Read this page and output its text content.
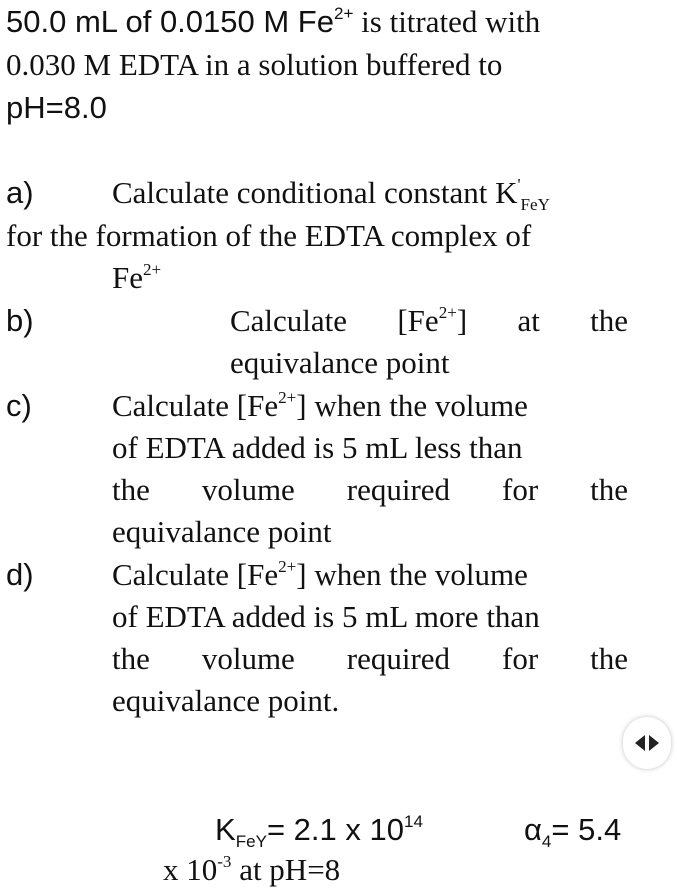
50.0 mL of 0.0150 M $Fe^{2+}$ is titrated with
0.030 M EDTA in a solution buffered to
pH=8.0
a)	Calculate conditional constant $K'_{FeY}$
for the formation of the EDTA complex of
$Fe^{2+}$
b)	Calculate $[Fe^{2+}]$ at the
equivalance point
c)	Calculate $[Fe^{2+}]$ when the volume
of EDTA added is 5 mL less than
the volume required for the
equivalance point
d)	Calculate $[Fe^{2+}]$ when the volume
of EDTA added is 5 mL more than
the volume required for the
equivalance point.
$K_{FeY}= 2.1$ x $10^{14}$	$\alpha_4= 5.4$
x $10^{-3}$ at pH=8
